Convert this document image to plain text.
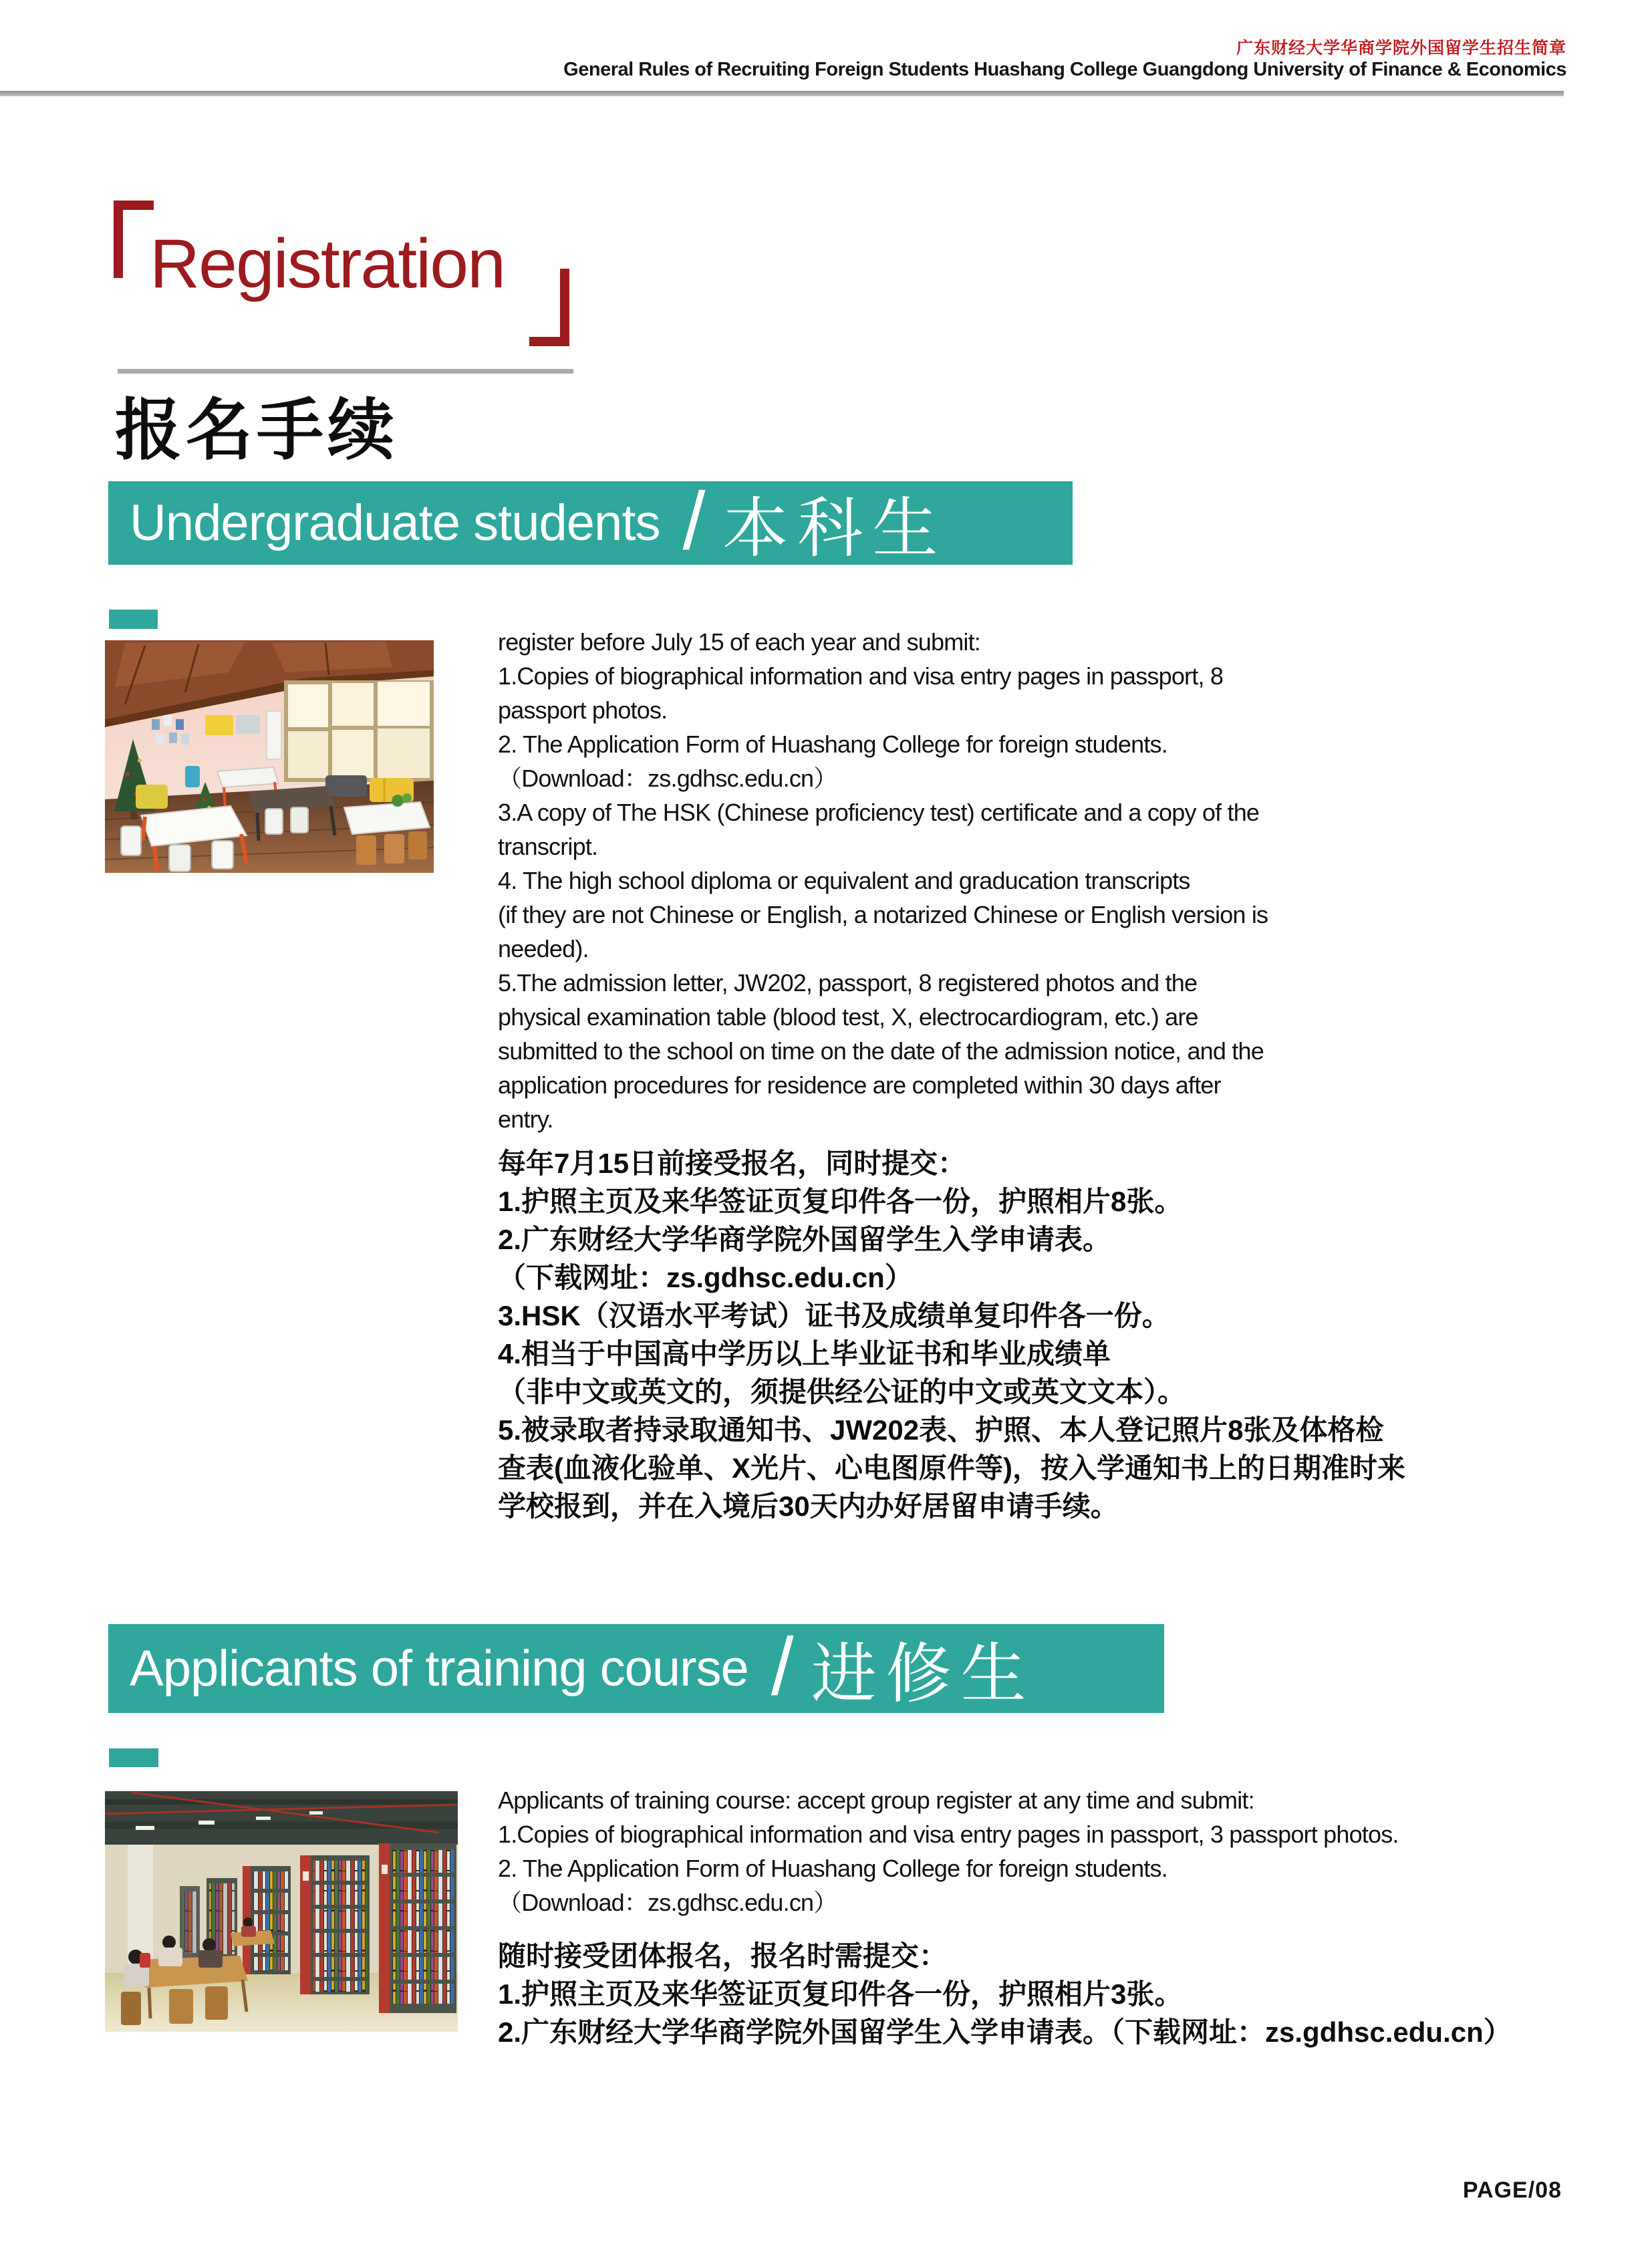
广东财经大学华商学院外国留学生招生简章
General Rules of Recruiting Foreign Students Huashang College Guangdong University of Finance & Economics
Registration
报名手续
Undergraduate students / 本科生
register before July 15 of each year and submit:
1.Copies of biographical information and visa entry pages in passport, 8
passport photos.
2. The Application Form of Huashang College for foreign students.
（Download：zs.gdhsc.edu.cn）
3.A copy of The HSK (Chinese proficiency test) certificate and a copy of the
transcript.
4. The high school diploma or equivalent and graducation transcripts
(if they are not Chinese or English, a notarized Chinese or English version is
needed).
5.The admission letter, JW202, passport, 8 registered photos and the
physical examination table (blood test, X, electrocardiogram, etc.) are
submitted to the school on time on the date of the admission notice, and the
application procedures for residence are completed within 30 days after
entry.
每年7月15日前接受报名，同时提交：
1.护照主页及来华签证页复印件各一份，护照相片8张。
2.广东财经大学华商学院外国留学生入学申请表。
（下载网址：zs.gdhsc.edu.cn）
3.HSK（汉语水平考试）证书及成绩单复印件各一份。
4.相当于中国高中学历以上毕业证书和毕业成绩单
（非中文或英文的，须提供经公证的中文或英文文本）。
5.被录取者持录取通知书、JW202表、护照、本人登记照片8张及体格检
查表(血液化验单、X光片、心电图原件等)，按入学通知书上的日期准时来
学校报到，并在入境后30天内办好居留申请手续。
Applicants of training course / 进修生
Applicants of training course: accept group register at any time and submit:
1.Copies of biographical information and visa entry pages in passport, 3 passport photos.
2. The Application Form of Huashang College for foreign students.
（Download：zs.gdhsc.edu.cn）
随时接受团体报名，报名时需提交：
1.护照主页及来华签证页复印件各一份，护照相片3张。
2.广东财经大学华商学院外国留学生入学申请表。（下载网址：zs.gdhsc.edu.cn）
PAGE/08
